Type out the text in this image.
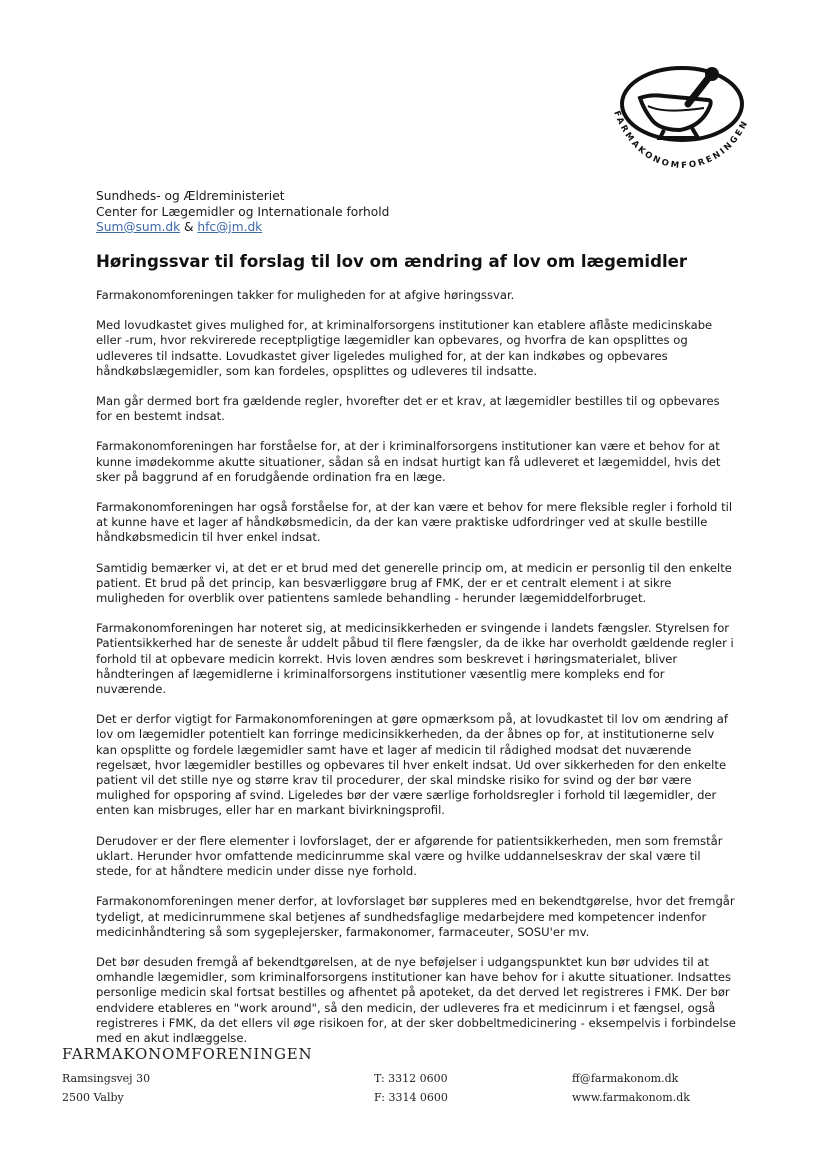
FARMAKONOMFORENINGEN
Sundheds- og Ældreministeriet
Center for Lægemidler og Internationale forhold
Sum@sum.dk & hfc@jm.dk
Høringssvar til forslag til lov om ændring af lov om lægemidler

Farmakonomforeningen takker for muligheden for at afgive høringssvar.

Med lovudkastet gives mulighed for, at kriminalforsorgens institutioner kan etablere aflåste medicinskabe eller -rum, hvor rekvirerede receptpligtige lægemidler kan opbevares, og hvorfra de kan opsplittes og udleveres til indsatte. Lovudkastet giver ligeledes mulighed for, at der kan indkøbes og opbevares håndkøbslægemidler, som kan fordeles, opsplittes og udleveres til indsatte.

Man går dermed bort fra gældende regler, hvorefter det er et krav, at lægemidler bestilles til og opbevares for en bestemt indsat.

Farmakonomforeningen har forståelse for, at der i kriminalforsorgens institutioner kan være et behov for at kunne imødekomme akutte situationer, sådan så en indsat hurtigt kan få udleveret et lægemiddel, hvis det sker på baggrund af en forudgående ordination fra en læge.

Farmakonomforeningen har også forståelse for, at der kan være et behov for mere fleksible regler i forhold til at kunne have et lager af håndkøbsmedicin, da der kan være praktiske udfordringer ved at skulle bestille håndkøbsmedicin til hver enkel indsat.

Samtidig bemærker vi, at det er et brud med det generelle princip om, at medicin er personlig til den enkelte patient. Et brud på det princip, kan besværliggøre brug af FMK, der er et centralt element i at sikre muligheden for overblik over patientens samlede behandling - herunder lægemiddelforbruget.

Farmakonomforeningen har noteret sig, at medicinsikkerheden er svingende i landets fængsler. Styrelsen for Patientsikkerhed har de seneste år uddelt påbud til flere fængsler, da de ikke har overholdt gældende regler i forhold til at opbevare medicin korrekt. Hvis loven ændres som beskrevet i høringsmaterialet, bliver håndteringen af lægemidlerne i kriminalforsorgens institutioner væsentlig mere kompleks end for nuværende.

Det er derfor vigtigt for Farmakonomforeningen at gøre opmærksom på, at lovudkastet til lov om ændring af lov om lægemidler potentielt kan forringe medicinsikkerheden, da der åbnes op for, at institutionerne selv kan opsplitte og fordele lægemidler samt have et lager af medicin til rådighed modsat det nuværende regelsæt, hvor lægemidler bestilles og opbevares til hver enkelt indsat. Ud over sikkerheden for den enkelte patient vil det stille nye og større krav til procedurer, der skal mindske risiko for svind og der bør være mulighed for opsporing af svind. Ligeledes bør der være særlige forholdsregler i forhold til lægemidler, der enten kan misbruges, eller har en markant bivirkningsprofil.

Derudover er der flere elementer i lovforslaget, der er afgørende for patientsikkerheden, men som fremstår uklart. Herunder hvor omfattende medicinrumme skal være og hvilke uddannelseskrav der skal være til stede, for at håndtere medicin under disse nye forhold.

Farmakonomforeningen mener derfor, at lovforslaget bør suppleres med en bekendtgørelse, hvor det fremgår tydeligt, at medicinrummene skal betjenes af sundhedsfaglige medarbejdere med kompetencer indenfor medicinhåndtering så som sygeplejersker, farmakonomer, farmaceuter, SOSU'er mv.

Det bør desuden fremgå af bekendtgørelsen, at de nye beføjelser i udgangspunktet kun bør udvides til at omhandle lægemidler, som kriminalforsorgens institutioner kan have behov for i akutte situationer. Indsattes personlige medicin skal fortsat bestilles og afhentet på apoteket, da det derved let registreres i FMK. Der bør endvidere etableres en "work around", så den medicin, der udleveres fra et medicinrum i et fængsel, også registreres i FMK, da det ellers vil øge risikoen for, at der sker dobbeltmedicinering - eksempelvis i forbindelse med en akut indlæggelse.

FARMAKONOMFORENINGEN
Ramsingsvej 30
2500 Valby
T: 3312 0600
F: 3314 0600
ff@farmakonom.dk
www.farmakonom.dk
